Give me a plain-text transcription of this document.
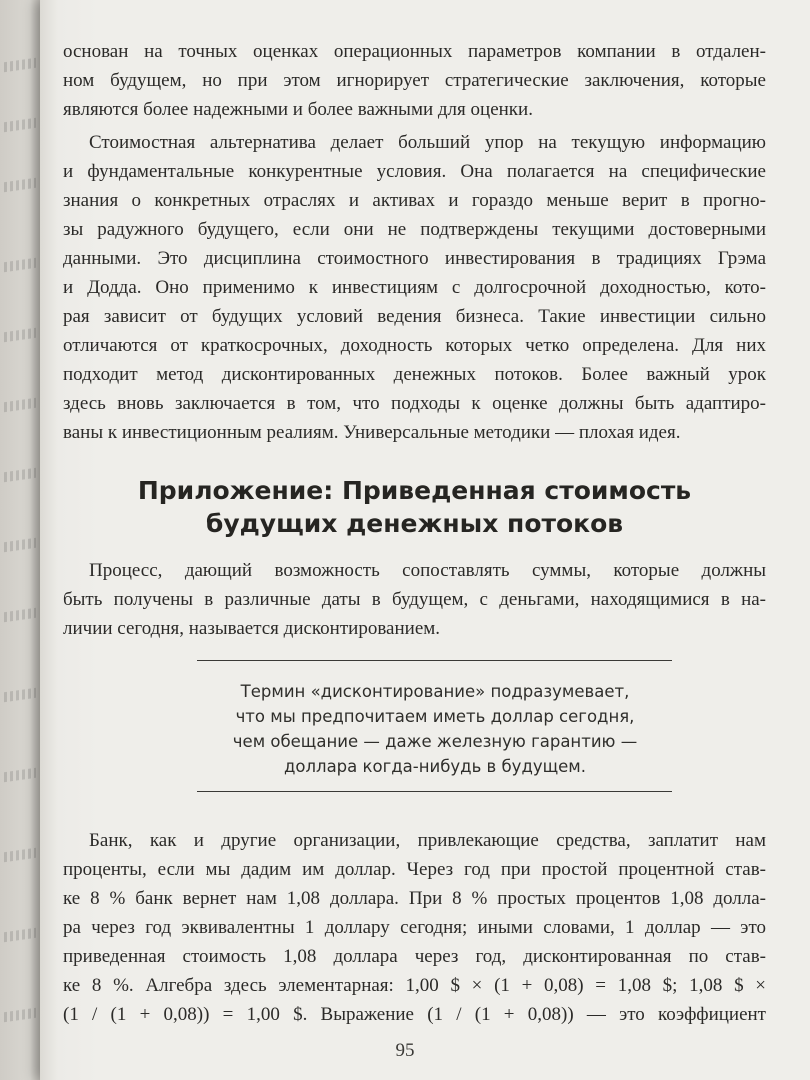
основан на точных оценках операционных параметров компании в отдален-

ном будущем, но при этом игнорирует стратегические заключения, которые

являются более надежными и более важными для оценки.

Стоимостная альтернатива делает больший упор на текущую информацию

и фундаментальные конкурентные условия. Она полагается на специфические

знания о конкретных отраслях и активах и гораздо меньше верит в прогно-

зы радужного будущего, если они не подтверждены текущими достоверными

данными. Это дисциплина стоимостного инвестирования в традициях Грэма

и Додда. Оно применимо к инвестициям с долгосрочной доходностью, кото-

рая зависит от будущих условий ведения бизнеса. Такие инвестиции сильно

отличаются от краткосрочных, доходность которых четко определена. Для них

подходит метод дисконтированных денежных потоков. Более важный урок

здесь вновь заключается в том, что подходы к оценке должны быть адаптиро-

ваны к инвестиционным реалиям. Универсальные методики — плохая идея.

Приложение: Приведенная стоимость
будущих денежных потоков

Процесс, дающий возможность сопоставлять суммы, которые должны

быть получены в различные даты в будущем, с деньгами, находящимися в на-

личии сегодня, называется дисконтированием.

Термин «дисконтирование» подразумевает,
что мы предпочитаем иметь доллар сегодня,
чем обещание — даже железную гарантию —
доллара когда-нибудь в будущем.

Банк, как и другие организации, привлекающие средства, заплатит нам

проценты, если мы дадим им доллар. Через год при простой процентной став-

ке 8 % банк вернет нам 1,08 доллара. При 8 % простых процентов 1,08 долла-

ра через год эквивалентны 1 доллару сегодня; иными словами, 1 доллар — это

приведенная стоимость 1,08 доллара через год, дисконтированная по став-

ке 8 %. Алгебра здесь элементарная: 1,00 $ × (1 + 0,08) = 1,08 $; 1,08 $ ×

(1 / (1 + 0,08)) = 1,00 $. Выражение (1 / (1 + 0,08)) — это коэффициент

95
